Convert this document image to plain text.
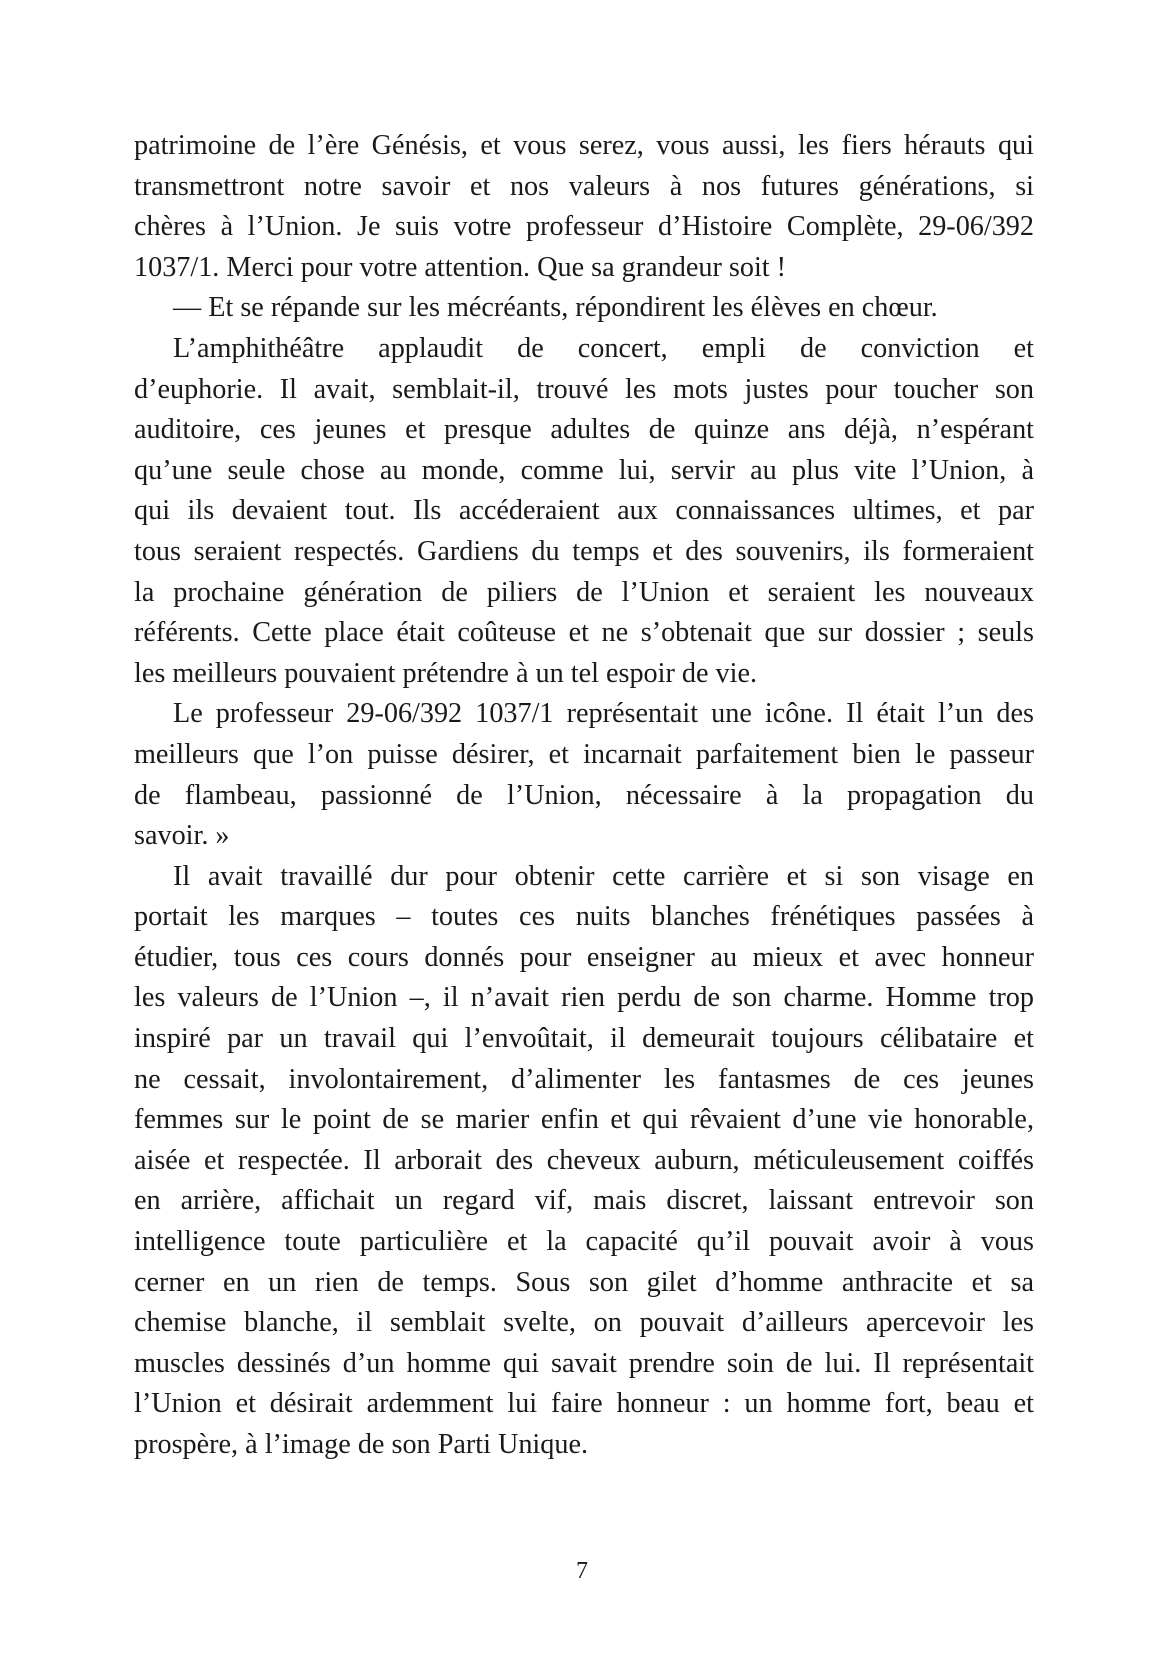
patrimoine de l’ère Génésis, et vous serez, vous aussi, les fiers hérauts qui
transmettront notre savoir et nos valeurs à nos futures générations, si
chères à l’Union. Je suis votre professeur d’Histoire Complète, 29-06/392
1037/1. Merci pour votre attention. Que sa grandeur soit !
— Et se répande sur les mécréants, répondirent les élèves en chœur.
L’amphithéâtre applaudit de concert, empli de conviction et
d’euphorie. Il avait, semblait-il, trouvé les mots justes pour toucher son
auditoire, ces jeunes et presque adultes de quinze ans déjà, n’espérant
qu’une seule chose au monde, comme lui, servir au plus vite l’Union, à
qui ils devaient tout. Ils accéderaient aux connaissances ultimes, et par
tous seraient respectés. Gardiens du temps et des souvenirs, ils formeraient
la prochaine génération de piliers de l’Union et seraient les nouveaux
référents. Cette place était coûteuse et ne s’obtenait que sur dossier ; seuls
les meilleurs pouvaient prétendre à un tel espoir de vie.
Le professeur 29-06/392 1037/1 représentait une icône. Il était l’un des
meilleurs que l’on puisse désirer, et incarnait parfaitement bien le passeur
de flambeau, passionné de l’Union, nécessaire à la propagation du
savoir. »
Il avait travaillé dur pour obtenir cette carrière et si son visage en
portait les marques – toutes ces nuits blanches frénétiques passées à
étudier, tous ces cours donnés pour enseigner au mieux et avec honneur
les valeurs de l’Union –, il n’avait rien perdu de son charme. Homme trop
inspiré par un travail qui l’envoûtait, il demeurait toujours célibataire et
ne cessait, involontairement, d’alimenter les fantasmes de ces jeunes
femmes sur le point de se marier enfin et qui rêvaient d’une vie honorable,
aisée et respectée. Il arborait des cheveux auburn, méticuleusement coiffés
en arrière, affichait un regard vif, mais discret, laissant entrevoir son
intelligence toute particulière et la capacité qu’il pouvait avoir à vous
cerner en un rien de temps. Sous son gilet d’homme anthracite et sa
chemise blanche, il semblait svelte, on pouvait d’ailleurs apercevoir les
muscles dessinés d’un homme qui savait prendre soin de lui. Il représentait
l’Union et désirait ardemment lui faire honneur : un homme fort, beau et
prospère, à l’image de son Parti Unique.
7
